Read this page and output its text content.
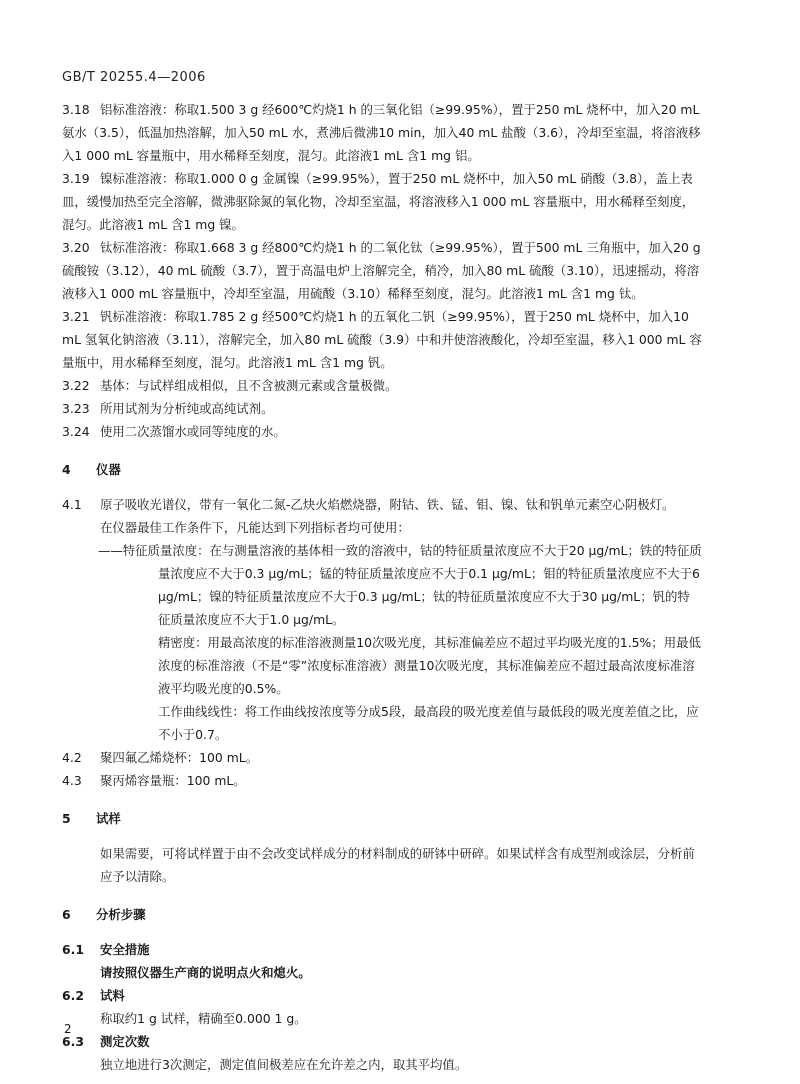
GB/T 20255.4—2006
3.18 铝标准溶液：称取1.500 3 g 经600℃灼烧1 h 的三氧化铝（≥99.95%），置于250 mL 烧杯中，加入20 mL 氨水（3.5），低温加热溶解，加入50 mL 水，煮沸后微沸10 min，加入40 mL 盐酸（3.6），冷却至室温，将溶液移入1 000 mL 容量瓶中，用水稀释至刻度，混匀。此溶液1 mL 含1 mg 铝。
3.19 镍标准溶液：称取1.000 0 g 金属镍（≥99.95%），置于250 mL 烧杯中，加入50 mL 硝酸（3.8），盖上表皿，缓慢加热至完全溶解，微沸驱除氮的氧化物，冷却至室温，将溶液移入1 000 mL 容量瓶中，用水稀释至刻度，混匀。此溶液1 mL 含1 mg 镍。
3.20 钛标准溶液：称取1.668 3 g 经800℃灼烧1 h 的二氧化钛（≥99.95%），置于500 mL 三角瓶中，加入20 g 硫酸铵（3.12），40 mL 硫酸（3.7），置于高温电炉上溶解完全，稍冷，加入80 mL 硫酸（3.10），迅速摇动，将溶液移入1 000 mL 容量瓶中，冷却至室温，用硫酸（3.10）稀释至刻度，混匀。此溶液1 mL 含1 mg 钛。
3.21 钒标准溶液：称取1.785 2 g 经500℃灼烧1 h 的五氧化二钒（≥99.95%），置于250 mL 烧杯中，加入10 mL 氢氧化钠溶液（3.11），溶解完全，加入80 mL 硫酸（3.9）中和并使溶液酸化，冷却至室温，移入1 000 mL 容量瓶中，用水稀释至刻度，混匀。此溶液1 mL 含1 mg 钒。
3.22 基体：与试样组成相似，且不含被测元素或含量极微。
3.23 所用试剂为分析纯或高纯试剂。
3.24 使用二次蒸馏水或同等纯度的水。
4 仪器
4.1 原子吸收光谱仪，带有一氧化二氮-乙炔火焰燃烧器，附钴、铁、锰、钼、镍、钛和钒单元素空心阴极灯。
在仪器最佳工作条件下，凡能达到下列指标者均可使用：
——特征质量浓度：在与测量溶液的基体相一致的溶液中，钴的特征质量浓度应不大于20 μg/mL；铁的特征质量浓度应不大于0.3 μg/mL；锰的特征质量浓度应不大于0.1 μg/mL；钼的特征质量浓度应不大于6 μg/mL；镍的特征质量浓度应不大于0.3 μg/mL；钛的特征质量浓度应不大于30 μg/mL；钒的特征质量浓度应不大于1.0 μg/mL。
精密度：用最高浓度的标准溶液测量10次吸光度，其标准偏差应不超过平均吸光度的1.5%；用最低浓度的标准溶液（不是“零”浓度标准溶液）测量10次吸光度，其标准偏差应不超过最高浓度标准溶液平均吸光度的0.5%。
工作曲线线性：将工作曲线按浓度等分成5段，最高段的吸光度差值与最低段的吸光度差值之比，应不小于0.7。
4.2 聚四氟乙烯烧杯：100 mL。
4.3 聚丙烯容量瓶：100 mL。
5 试样
如果需要，可将试样置于由不会改变试样成分的材料制成的研钵中研碎。如果试样含有成型剂或涂层，分析前应予以清除。
6 分析步骤
6.1 安全措施
请按照仪器生产商的说明点火和熄火。
6.2 试料
称取约1 g 试样，精确至0.000 1 g。
6.3 测定次数
独立地进行3次测定，测定值间极差应在允许差之内，取其平均值。
2
